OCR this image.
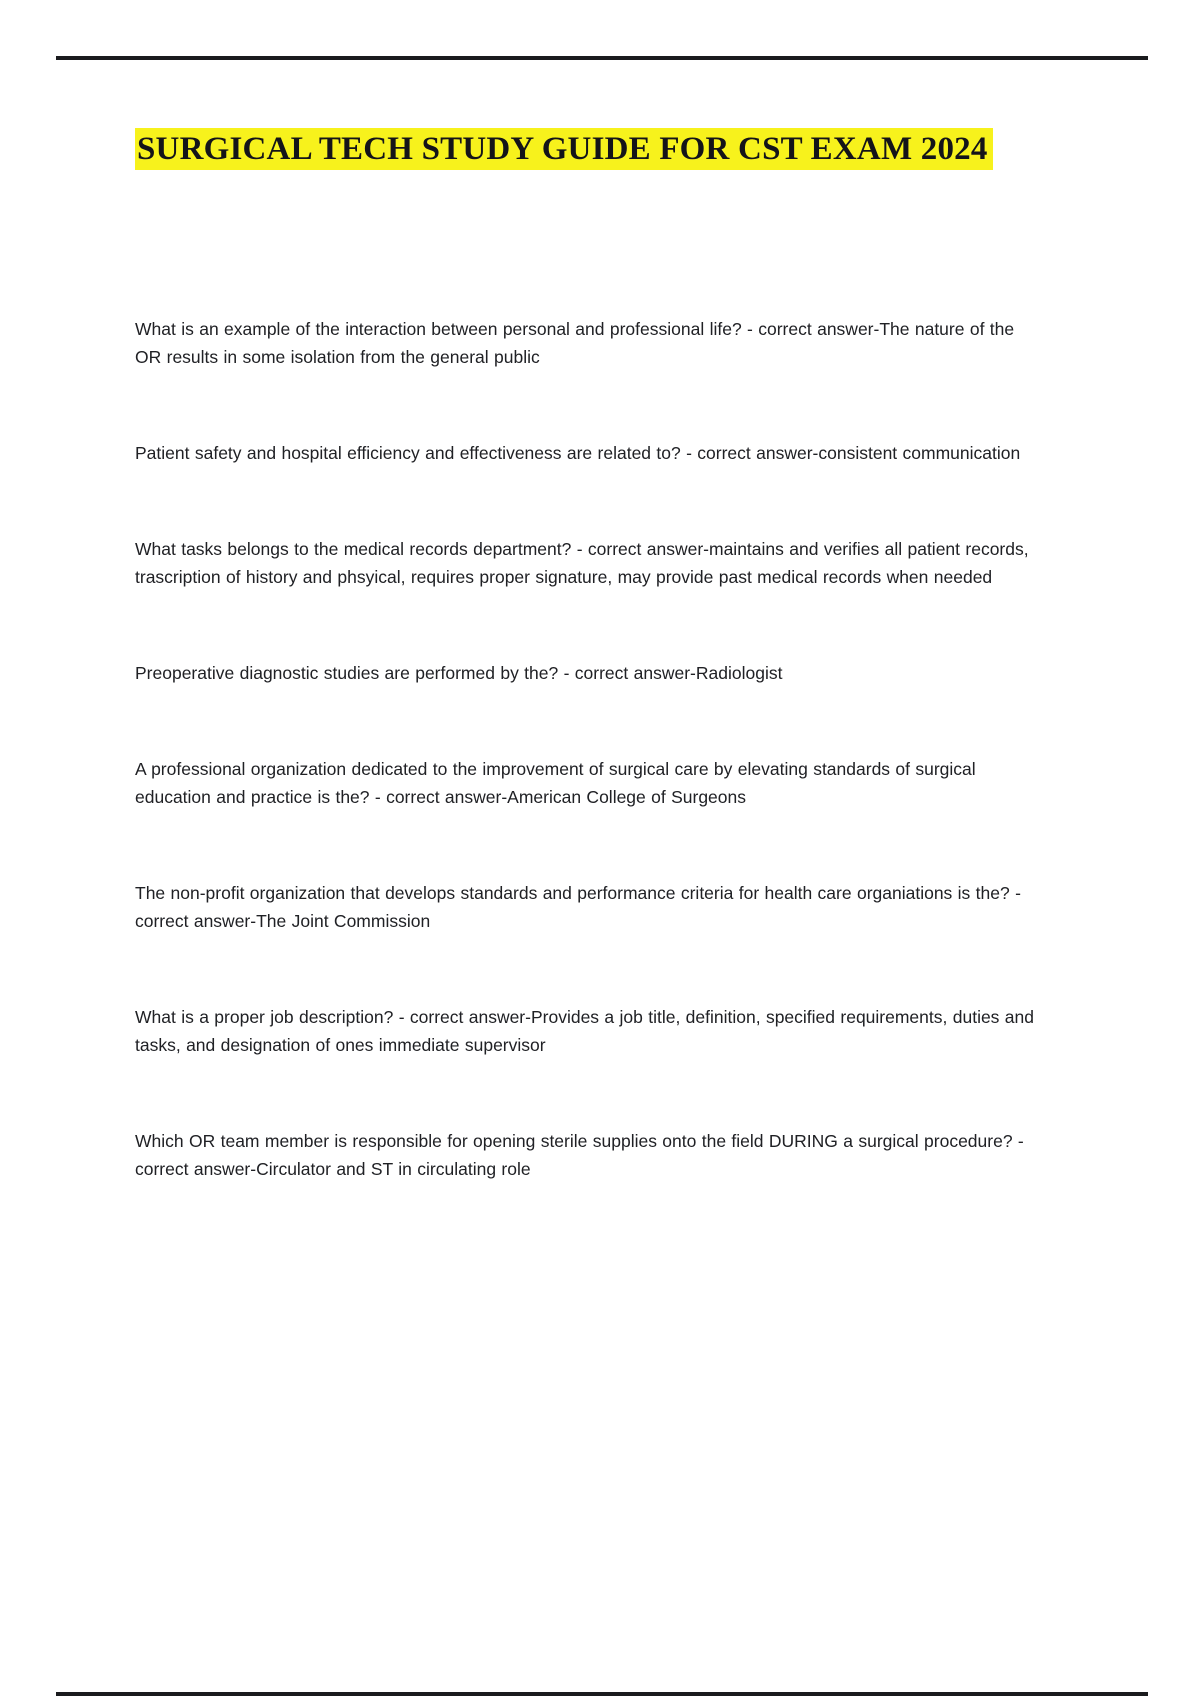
SURGICAL TECH STUDY GUIDE FOR CST EXAM 2024

What is an example of the interaction between personal and professional life? - correct answer-The nature of the OR results in some isolation from the general public

Patient safety and hospital efficiency and effectiveness are related to? - correct answer-consistent communication

What tasks belongs to the medical records department? - correct answer-maintains and verifies all patient records, trascription of history and phsyical, requires proper signature, may provide past medical records when needed

Preoperative diagnostic studies are performed by the? - correct answer-Radiologist

A professional organization dedicated to the improvement of surgical care by elevating standards of surgical education and practice is the? - correct answer-American College of Surgeons

The non-profit organization that develops standards and performance criteria for health care organiations is the? - correct answer-The Joint Commission

What is a proper job description? - correct answer-Provides a job title, definition, specified requirements, duties and tasks, and designation of ones immediate supervisor

Which OR team member is responsible for opening sterile supplies onto the field DURING a surgical procedure? - correct answer-Circulator and ST in circulating role
